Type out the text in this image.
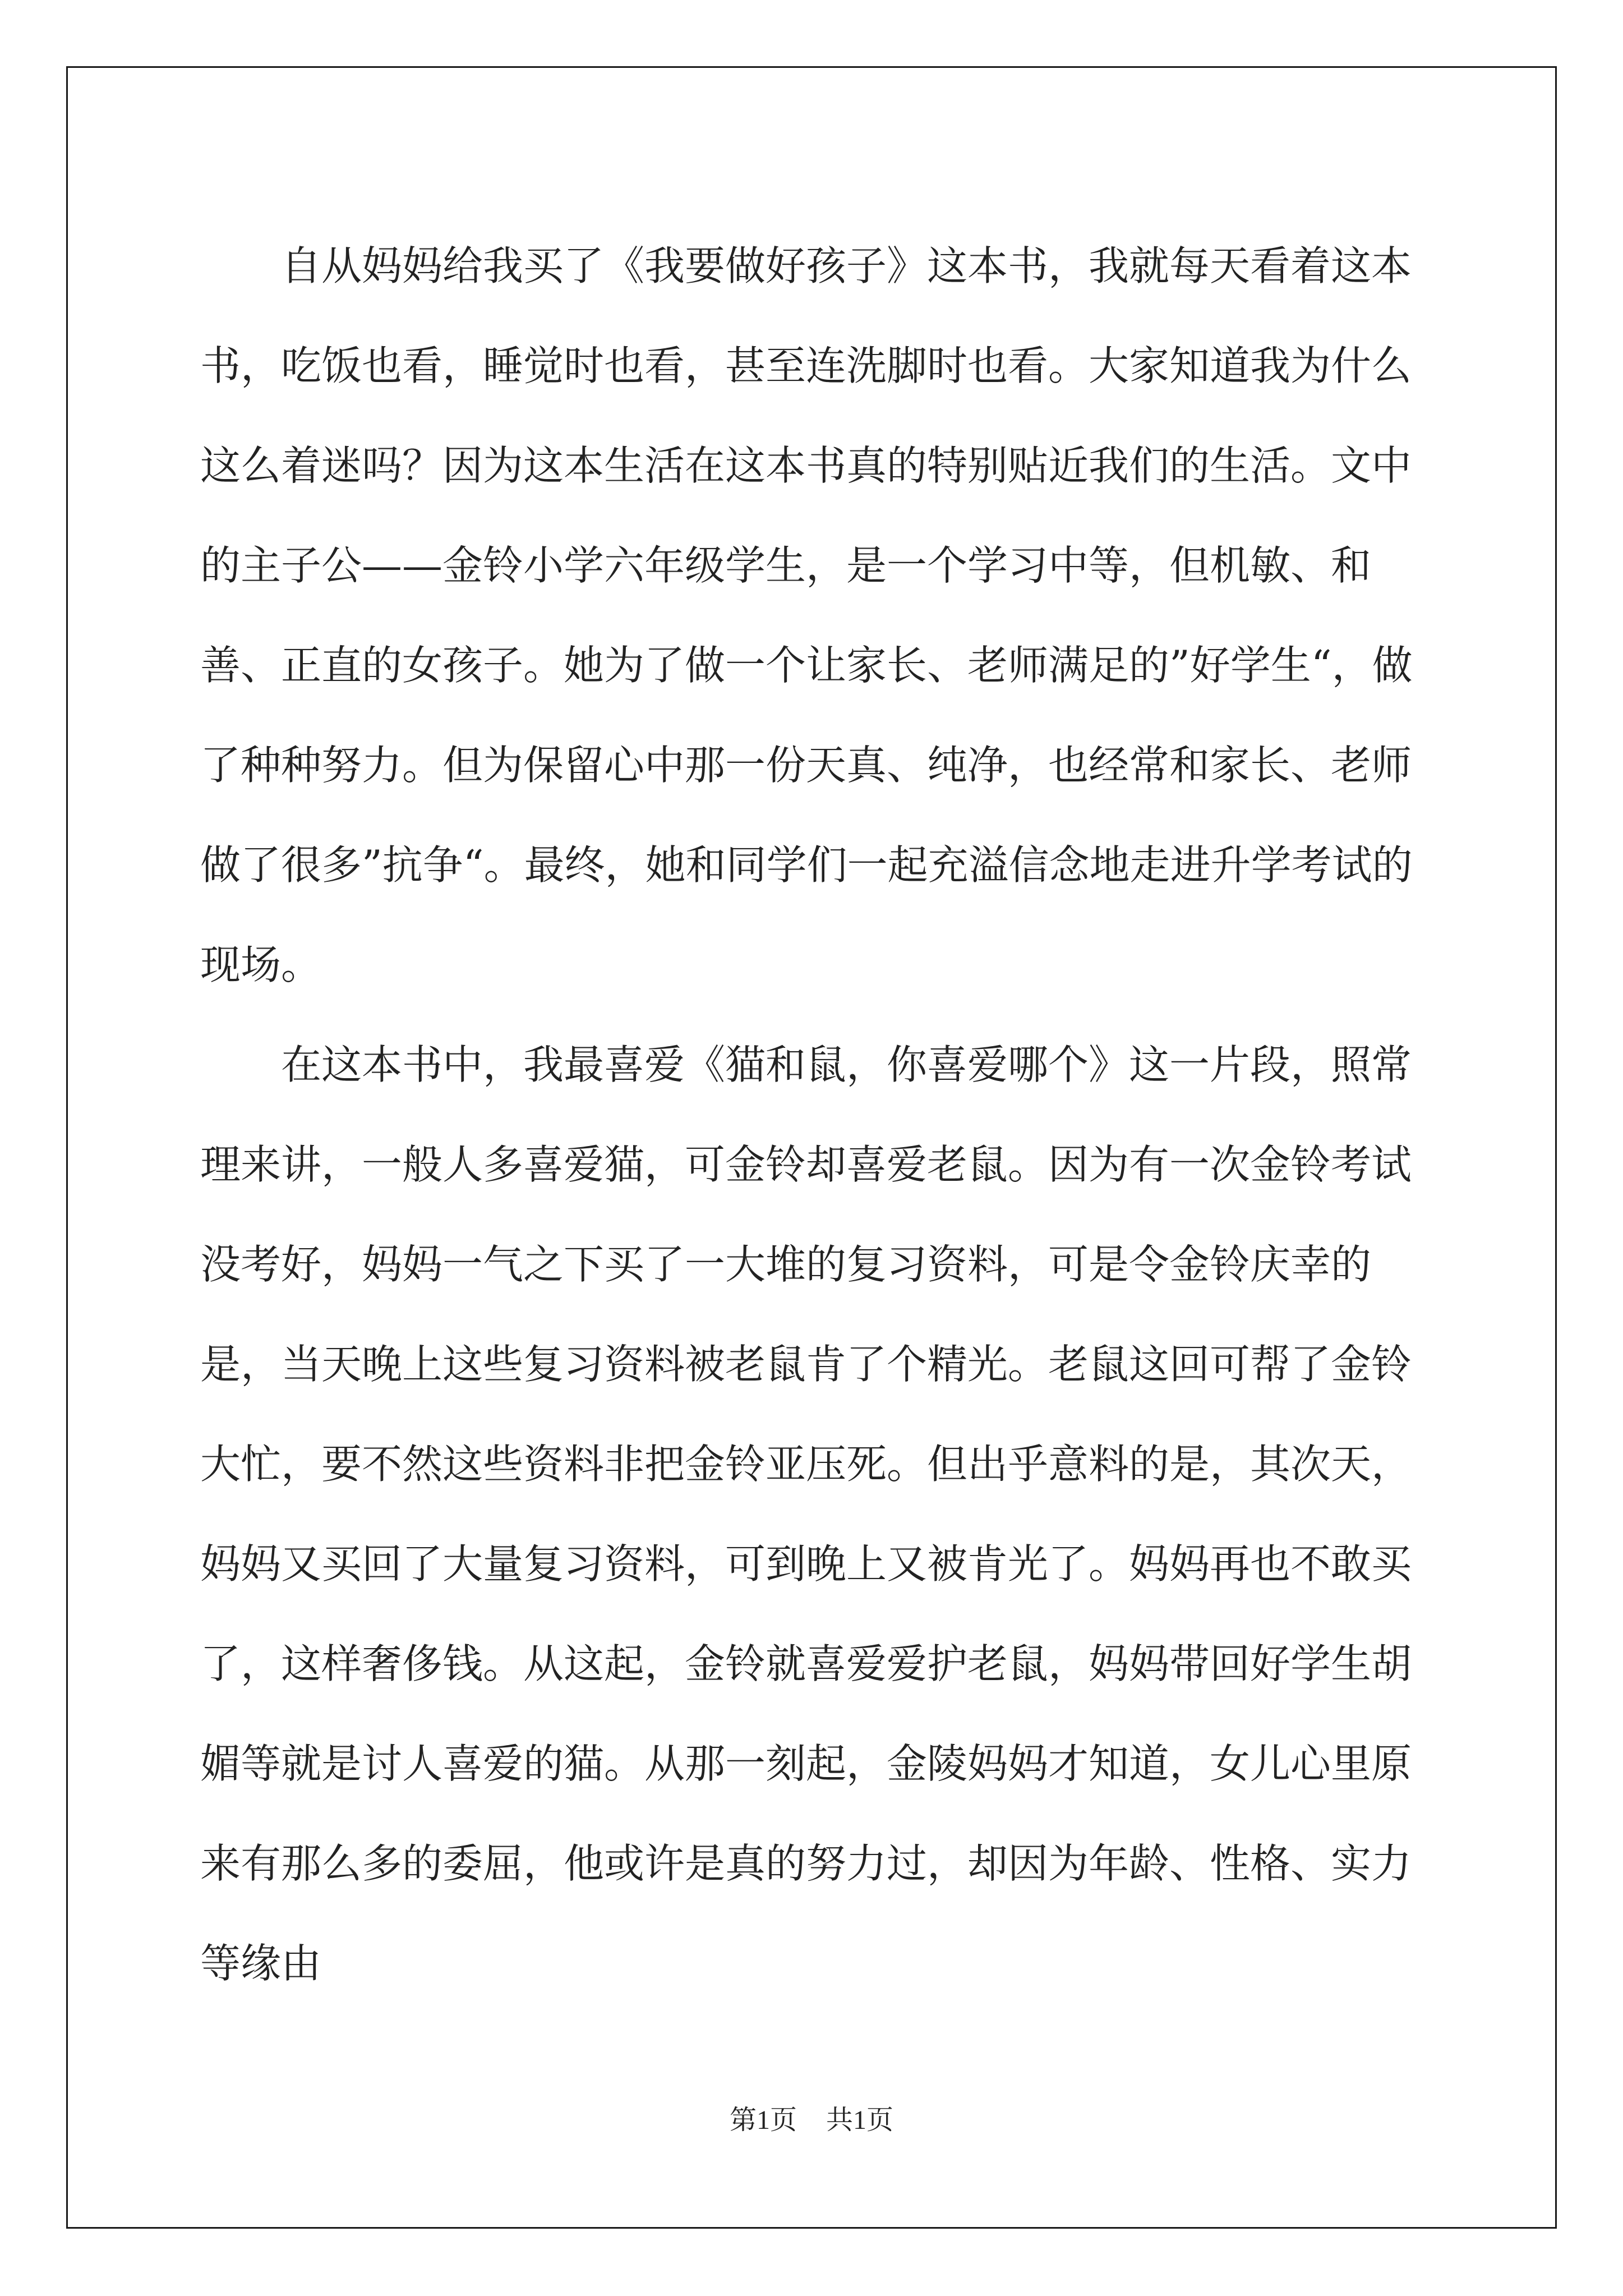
自从妈妈给我买了《我要做好孩子》这本书，我就每天看着这本书，吃饭也看，睡觉时也看，甚至连洗脚时也看。大家知道我为什么这么着迷吗？因为这本生活在这本书真的特别贴近我们的生活。文中的主子公——金铃小学六年级学生，是一个学习中等，但机敏、和善、正直的女孩子。她为了做一个让家长、老师满足的”好学生“，做了种种努力。但为保留心中那一份天真、纯净，也经常和家长、老师做了很多”抗争“。最终，她和同学们一起充溢信念地走进升学考试的现场。

在这本书中，我最喜爱《猫和鼠，你喜爱哪个》这一片段，照常理来讲，一般人多喜爱猫，可金铃却喜爱老鼠。因为有一次金铃考试没考好，妈妈一气之下买了一大堆的复习资料，可是令金铃庆幸的是，当天晚上这些复习资料被老鼠肯了个精光。老鼠这回可帮了金铃大忙，要不然这些资料非把金铃亚压死。但出乎意料的是，其次天，妈妈又买回了大量复习资料，可到晚上又被肯光了。妈妈再也不敢买了，这样奢侈钱。从这起，金铃就喜爱爱护老鼠，妈妈带回好学生胡媚等就是讨人喜爱的猫。从那一刻起，金陵妈妈才知道，女儿心里原来有那么多的委屈，他或许是真的努力过，却因为年龄、性格、实力等缘由

第1页 共1页
